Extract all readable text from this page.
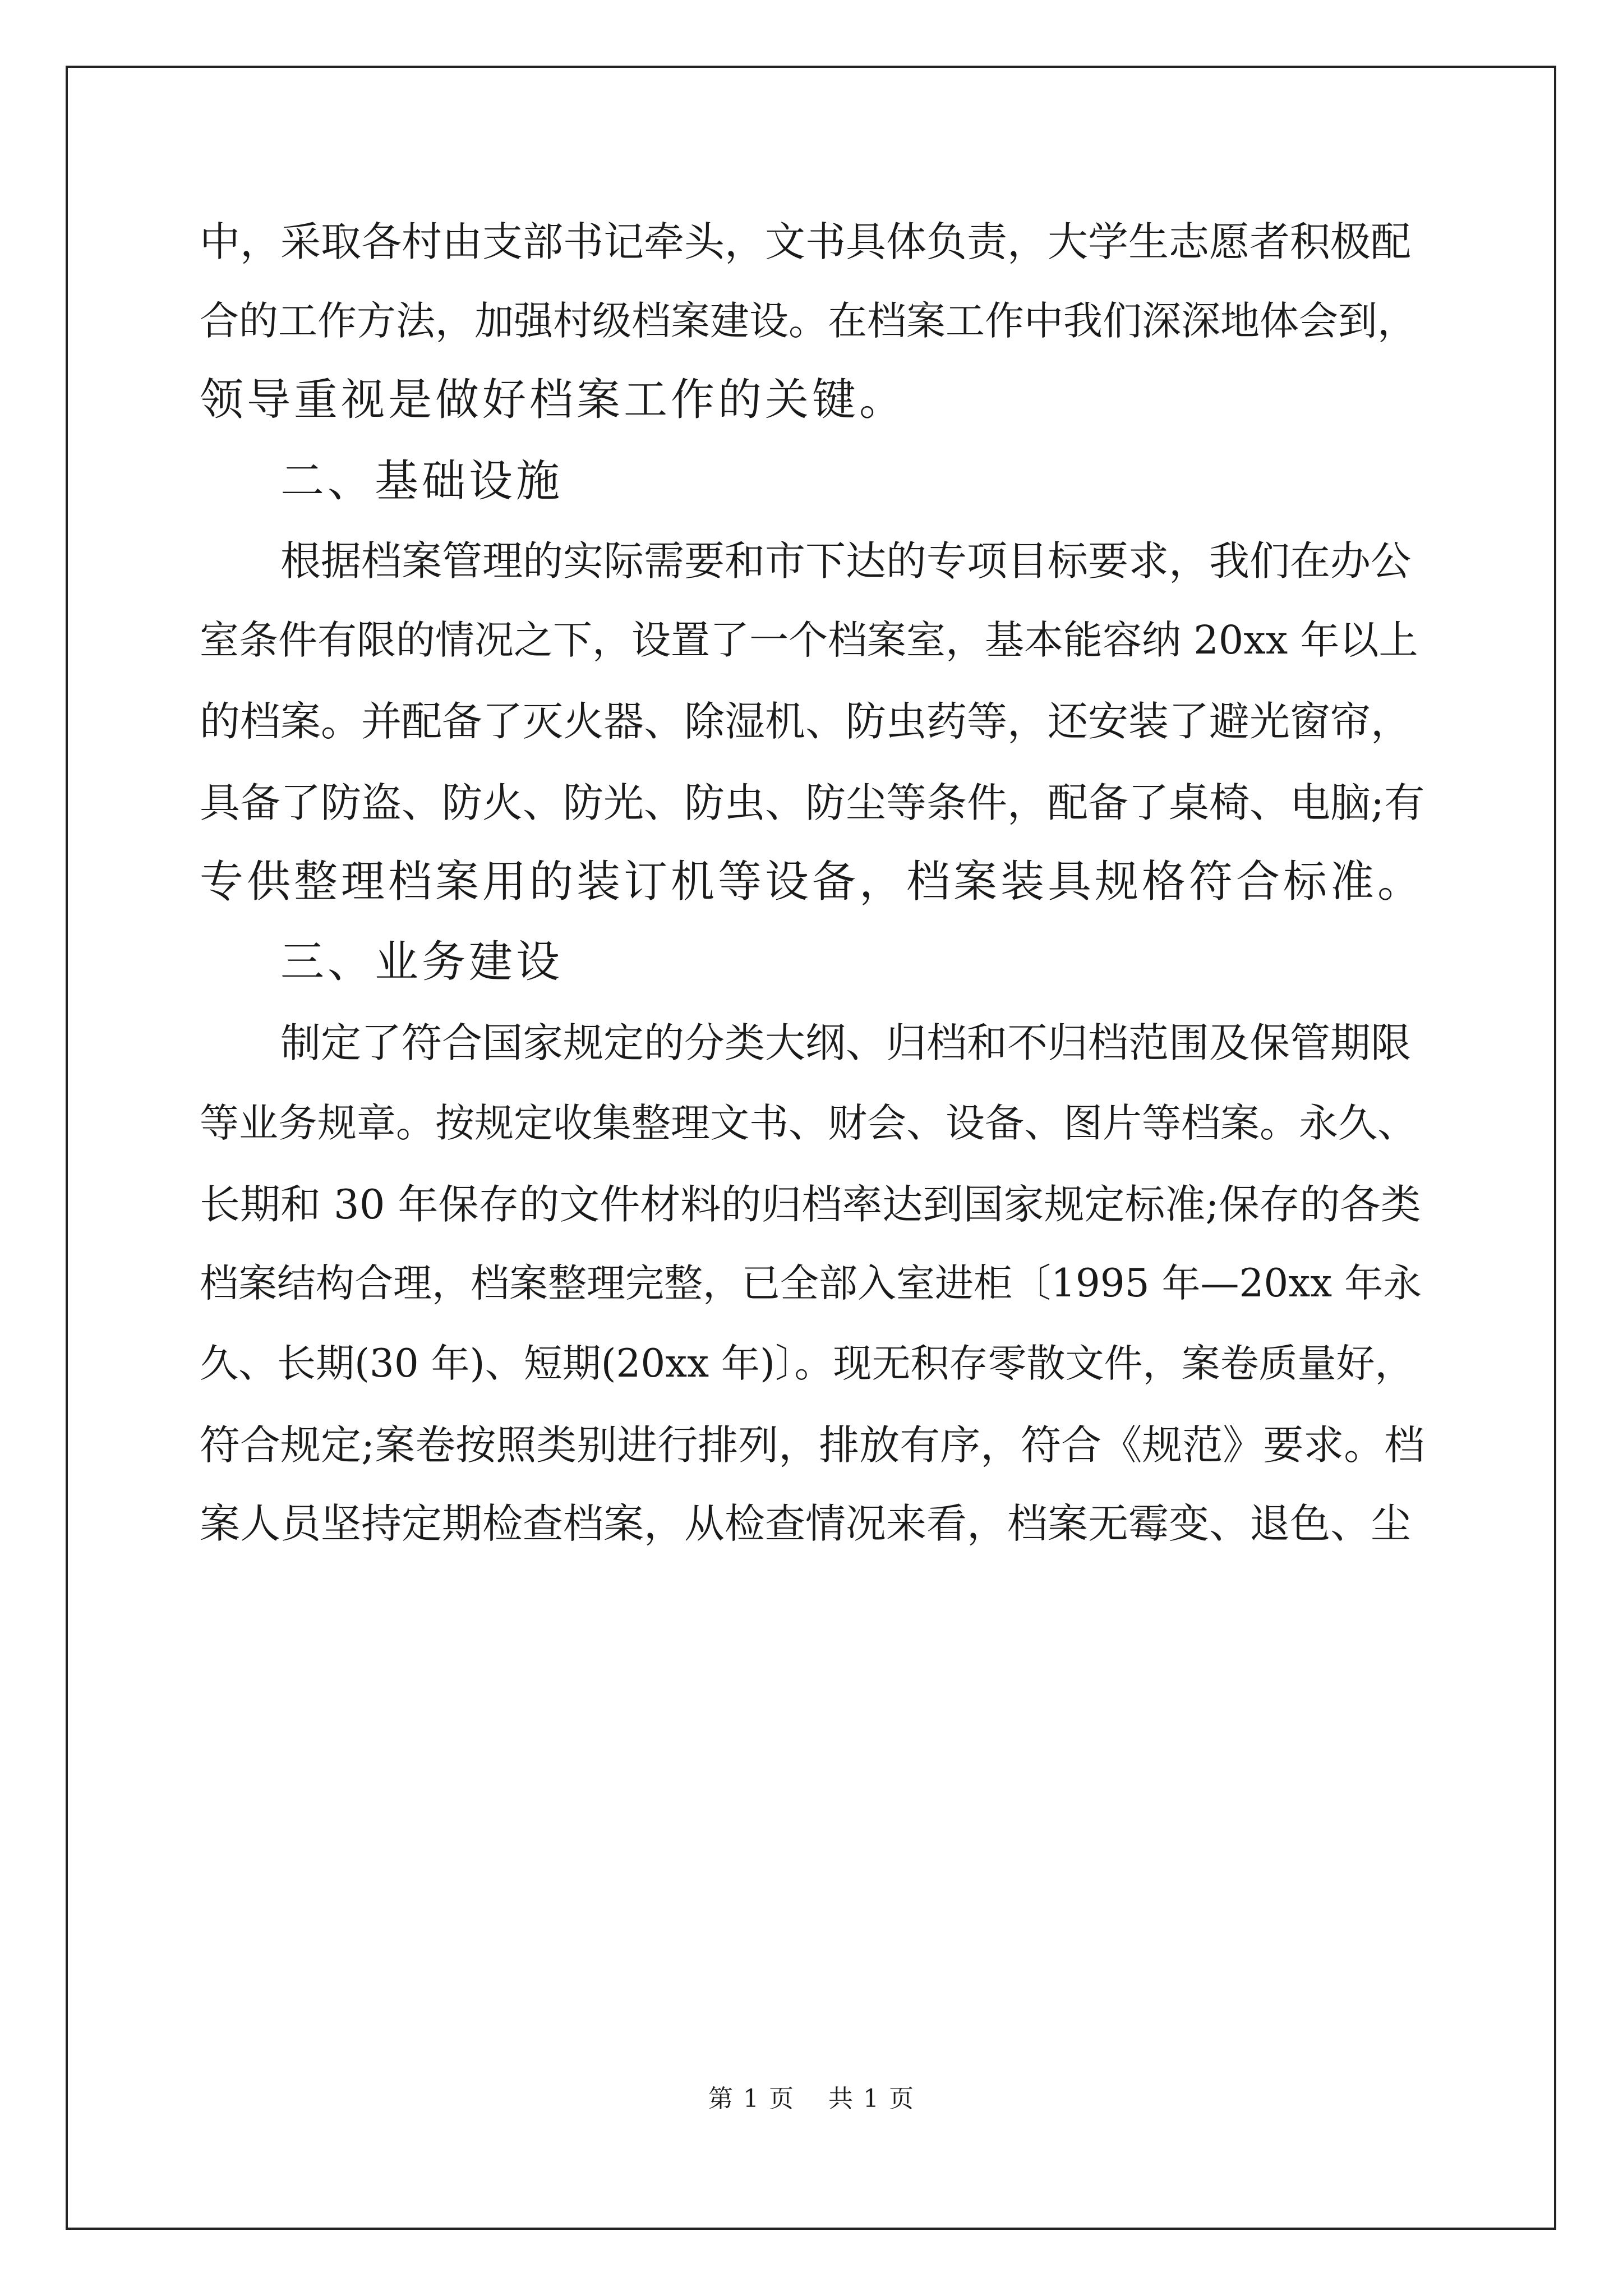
中，采取各村由支部书记牵头，文书具体负责，大学生志愿者积极配
合的工作方法，加强村级档案建设。在档案工作中我们深深地体会到，
领导重视是做好档案工作的关键。
二、基础设施
根据档案管理的实际需要和市下达的专项目标要求，我们在办公
室条件有限的情况之下，设置了一个档案室，基本能容纳 20xx 年以上
的档案。并配备了灭火器、除湿机、防虫药等，还安装了避光窗帘，
具备了防盗、防火、防光、防虫、防尘等条件，配备了桌椅、电脑;有
专供整理档案用的装订机等设备，档案装具规格符合标准。
三、业务建设
制定了符合国家规定的分类大纲、归档和不归档范围及保管期限
等业务规章。按规定收集整理文书、财会、设备、图片等档案。永久、
长期和 30 年保存的文件材料的归档率达到国家规定标准;保存的各类
档案结构合理，档案整理完整，已全部入室进柜〔1995 年—20xx 年永
久、长期(30 年)、短期(20xx 年)〕。现无积存零散文件，案卷质量好，
符合规定;案卷按照类别进行排列，排放有序，符合《规范》要求。档
案人员坚持定期检查档案，从检查情况来看，档案无霉变、退色、尘
第 1 页 共 1 页
